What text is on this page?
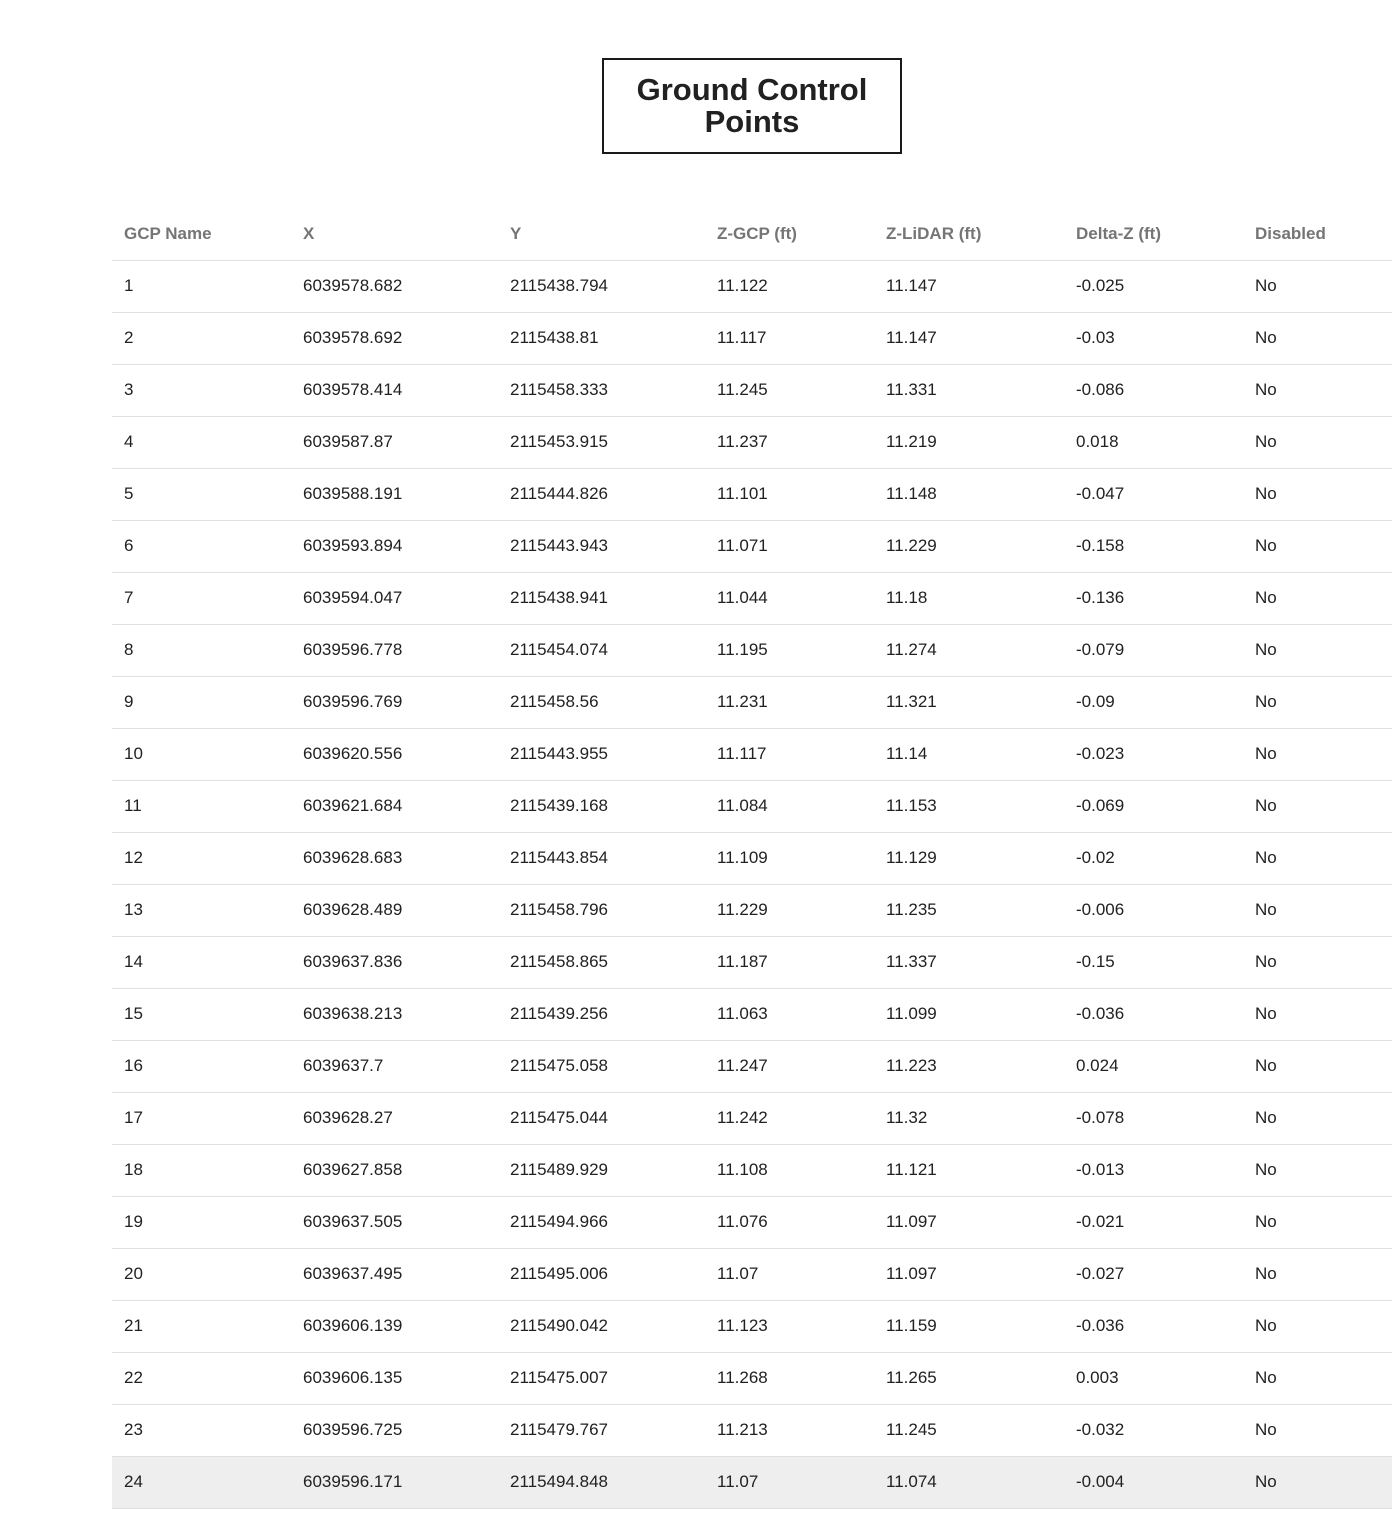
Ground Control Points
GCP Name	X	Y	Z-GCP (ft)	Z-LiDAR (ft)	Delta-Z (ft)	Disabled
1	6039578.682	2115438.794	11.122	11.147	-0.025	No
2	6039578.692	2115438.81	11.117	11.147	-0.03	No
3	6039578.414	2115458.333	11.245	11.331	-0.086	No
4	6039587.87	2115453.915	11.237	11.219	0.018	No
5	6039588.191	2115444.826	11.101	11.148	-0.047	No
6	6039593.894	2115443.943	11.071	11.229	-0.158	No
7	6039594.047	2115438.941	11.044	11.18	-0.136	No
8	6039596.778	2115454.074	11.195	11.274	-0.079	No
9	6039596.769	2115458.56	11.231	11.321	-0.09	No
10	6039620.556	2115443.955	11.117	11.14	-0.023	No
11	6039621.684	2115439.168	11.084	11.153	-0.069	No
12	6039628.683	2115443.854	11.109	11.129	-0.02	No
13	6039628.489	2115458.796	11.229	11.235	-0.006	No
14	6039637.836	2115458.865	11.187	11.337	-0.15	No
15	6039638.213	2115439.256	11.063	11.099	-0.036	No
16	6039637.7	2115475.058	11.247	11.223	0.024	No
17	6039628.27	2115475.044	11.242	11.32	-0.078	No
18	6039627.858	2115489.929	11.108	11.121	-0.013	No
19	6039637.505	2115494.966	11.076	11.097	-0.021	No
20	6039637.495	2115495.006	11.07	11.097	-0.027	No
21	6039606.139	2115490.042	11.123	11.159	-0.036	No
22	6039606.135	2115475.007	11.268	11.265	0.003	No
23	6039596.725	2115479.767	11.213	11.245	-0.032	No
24	6039596.171	2115494.848	11.07	11.074	-0.004	No
